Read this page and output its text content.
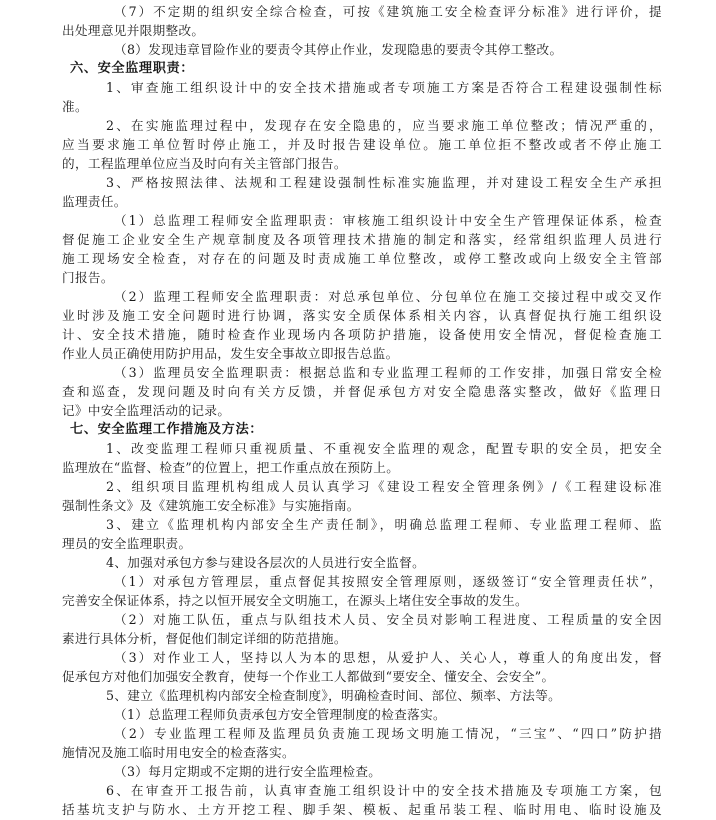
（7）不定期的组织安全综合检查，可按《建筑施工安全检查评分标准》进行评价，提
出处理意见并限期整改。
（8）发现违章冒险作业的要责令其停止作业，发现隐患的要责令其停工整改。
六、安全监理职责：
1、审查施工组织设计中的安全技术措施或者专项施工方案是否符合工程建设强制性标
准。
2、在实施监理过程中，发现存在安全隐患的，应当要求施工单位整改；情况严重的，
应当要求施工单位暂时停止施工，并及时报告建设单位。施工单位拒不整改或者不停止施工
的，工程监理单位应当及时向有关主管部门报告。
3、严格按照法律、法规和工程建设强制性标准实施监理，并对建设工程安全生产承担
监理责任。
（1）总监理工程师安全监理职责：审核施工组织设计中安全生产管理保证体系，检查
督促施工企业安全生产规章制度及各项管理技术措施的制定和落实，经常组织监理人员进行
施工现场安全检查，对存在的问题及时责成施工单位整改，或停工整改或向上级安全主管部
门报告。
（2）监理工程师安全监理职责：对总承包单位、分包单位在施工交接过程中或交叉作
业时涉及施工安全问题时进行协调，落实安全质保体系相关内容，认真督促执行施工组织设
计、安全技术措施，随时检查作业现场内各项防护措施，设备使用安全情况，督促检查施工
作业人员正确使用防护用品，发生安全事故立即报告总监。
（3）监理员安全监理职责：根据总监和专业监理工程师的工作安排，加强日常安全检
查和巡查，发现问题及时向有关方反馈，并督促承包方对安全隐患落实整改，做好《监理日
记》中安全监理活动的记录。
七、安全监理工作措施及方法：
1、改变监理工程师只重视质量、不重视安全监理的观念，配置专职的安全员，把安全
监理放在“监督、检查”的位置上，把工作重点放在预防上。
2、组织项目监理机构组成人员认真学习《建设工程安全管理条例》/《工程建设标准
强制性条文》及《建筑施工安全标准》与实施指南。
3、建立《监理机构内部安全生产责任制》，明确总监理工程师、专业监理工程师、监
理员的安全监理职责。
4、加强对承包方参与建设各层次的人员进行安全监督。
（1）对承包方管理层，重点督促其按照安全管理原则，逐级签订“安全管理责任状”，
完善安全保证体系，持之以恒开展安全文明施工，在源头上堵住安全事故的发生。
（2）对施工队伍，重点与队组技术人员、安全员对影响工程进度、工程质量的安全因
素进行具体分析，督促他们制定详细的防范措施。
（3）对作业工人，坚持以人为本的思想，从爱护人、关心人，尊重人的角度出发，督
促承包方对他们加强安全教育，使每一个作业工人都做到“要安全、懂安全、会安全”。
5、建立《监理机构内部安全检查制度》，明确检查时间、部位、频率、方法等。
（1）总监理工程师负责承包方安全管理制度的检查落实。
（2）专业监理工程师及监理员负责施工现场文明施工情况，“三宝”、“四口”防护措
施情况及施工临时用电安全的检查落实。
（3）每月定期或不定期的进行安全监理检查。
6、在审查开工报告前，认真审查施工组织设计中的安全技术措施及专项施工方案，包
括基坑支护与防水、土方开挖工程、脚手架、模板、起重吊装工程、临时用电、临时设施及
